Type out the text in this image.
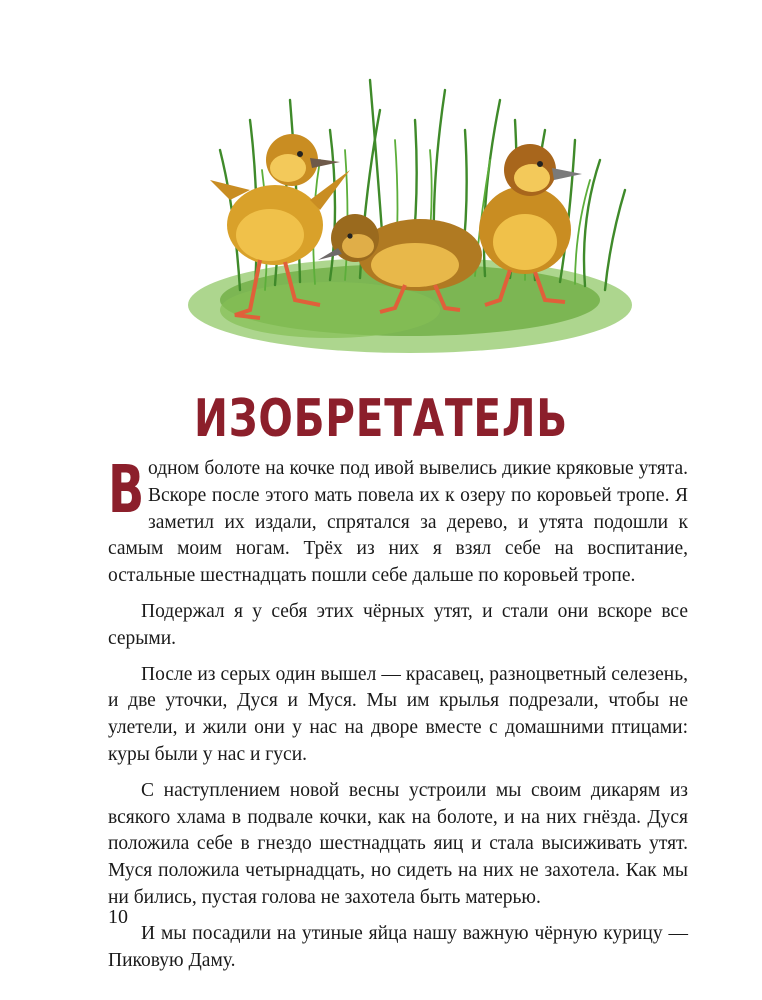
ИЗОБРЕТАТЕЛЬ

В одном болоте на кочке под ивой вывелись дикие кряковые утята. Вскоре после этого мать повела их к озеру по коровьей тропе. Я заметил их издали, спрятался за дерево, и утята подошли к самым моим ногам. Трёх из них я взял себе на воспитание, остальные шестнадцать пошли себе дальше по коровьей тропе.

Подержал я у себя этих чёрных утят, и стали они вскоре все серыми.

После из серых один вышел — красавец, разноцветный селезень, и две уточки, Дуся и Муся. Мы им крылья подрезали, чтобы не улетели, и жили они у нас на дворе вместе с домашними птицами: куры были у нас и гуси.

С наступлением новой весны устроили мы своим дикарям из всякого хлама в подвале кочки, как на болоте, и на них гнёзда. Дуся положила себе в гнездо шестнадцать яиц и стала высиживать утят. Муся положила четырнадцать, но сидеть на них не захотела. Как мы ни бились, пустая голова не захотела быть матерью.

И мы посадили на утиные яйца нашу важную чёрную курицу — Пиковую Даму.

10
